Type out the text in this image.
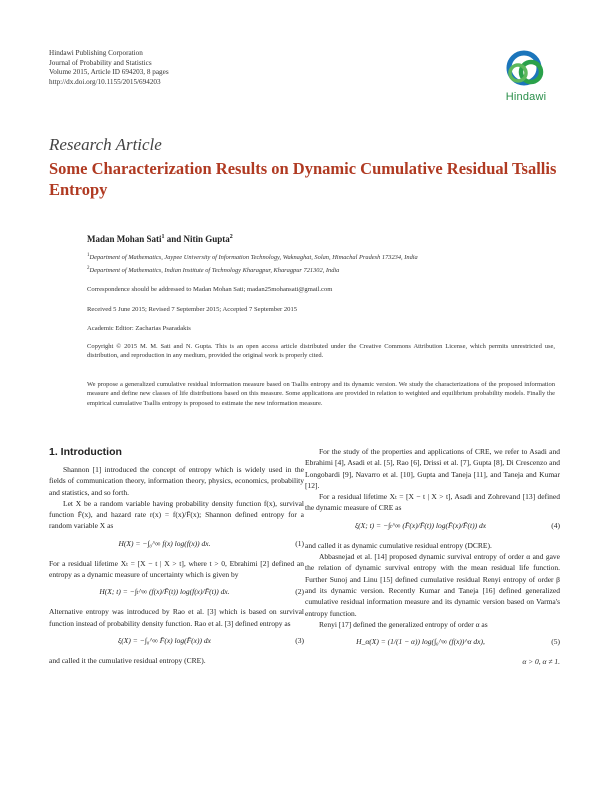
Hindawi Publishing Corporation
Journal of Probability and Statistics
Volume 2015, Article ID 694203, 8 pages
http://dx.doi.org/10.1155/2015/694203
Hindawi
Research Article
Some Characterization Results on Dynamic Cumulative Residual Tsallis Entropy
Madan Mohan Sati$^1$ and Nitin Gupta$^2$
$^1$Department of Mathematics, Jaypee University of Information Technology, Waknaghat, Solan, Himachal Pradesh 173234, India
$^2$Department of Mathematics, Indian Institute of Technology Kharagpur, Kharagpur 721302, India
Correspondence should be addressed to Madan Mohan Sati; madan25mohansati@gmail.com
Received 5 June 2015; Revised 7 September 2015; Accepted 7 September 2015
Academic Editor: Zacharias Psaradakis
Copyright © 2015 M. M. Sati and N. Gupta. This is an open access article distributed under the Creative Commons Attribution License, which permits unrestricted use, distribution, and reproduction in any medium, provided the original work is properly cited.
We propose a generalized cumulative residual information measure based on Tsallis entropy and its dynamic version. We study the characterizations of the proposed information measure and define new classes of life distributions based on this measure. Some applications are provided in relation to weighted and equilibrium probability models. Finally the empirical cumulative Tsallis entropy is proposed to estimate the new information measure.
1. Introduction

Shannon [1] introduced the concept of entropy which is widely used in the fields of communication theory, information theory, physics, economics, probability and statistics, and so forth.

Let X be a random variable having probability density function f(x), survival function F̄(x), and hazard rate r(x) = f(x)/F̄(x); Shannon defined entropy for a random variable X as

H(X) = −∫₀^∞ f(x) log(f(x)) dx.	(1)

For a residual lifetime Xₜ = [X − t | X > t], where t > 0, Ebrahimi [2] defined an entropy as a dynamic measure of uncertainty which is given by

H(X; t) = −∫ₜ^∞ (f(x)/F̄(t)) log(f(x)/F̄(t)) dx.	(2)

Alternative entropy was introduced by Rao et al. [3] which is based on survival function instead of probability density function. Rao et al. [3] defined entropy as

ξ(X) = −∫₀^∞ F̄(x) log(F̄(x)) dx	(3)

and called it the cumulative residual entropy (CRE).

For the study of the properties and applications of CRE, we refer to Asadi and Ebrahimi [4], Asadi et al. [5], Rao [6], Drissi et al. [7], Gupta [8], Di Crescenzo and Longobardi [9], Navarro et al. [10], Gupta and Taneja [11], and Taneja and Kumar [12].

For a residual lifetime Xₜ = [X − t | X > t], Asadi and Zohrevand [13] defined the dynamic measure of CRE as

ξ(X; t) = −∫ₜ^∞ (F̄(x)/F̄(t)) log(F̄(x)/F̄(t)) dx	(4)

and called it as dynamic cumulative residual entropy (DCRE).

Abbasnejad et al. [14] proposed dynamic survival entropy of order α and gave the relation of dynamic survival entropy with the mean residual life function. Further Sunoj and Linu [15] defined cumulative residual Renyi entropy of order β and its dynamic version. Recently Kumar and Taneja [16] defined generalized cumulative residual information measure and its dynamic version based on Varma's entropy function.

Renyi [17] defined the generalized entropy of order α as

H_α(X) = (1/(1 − α)) log(∫₀^∞ (f(x))^α dx),	(5)
α > 0, α ≠ 1.
